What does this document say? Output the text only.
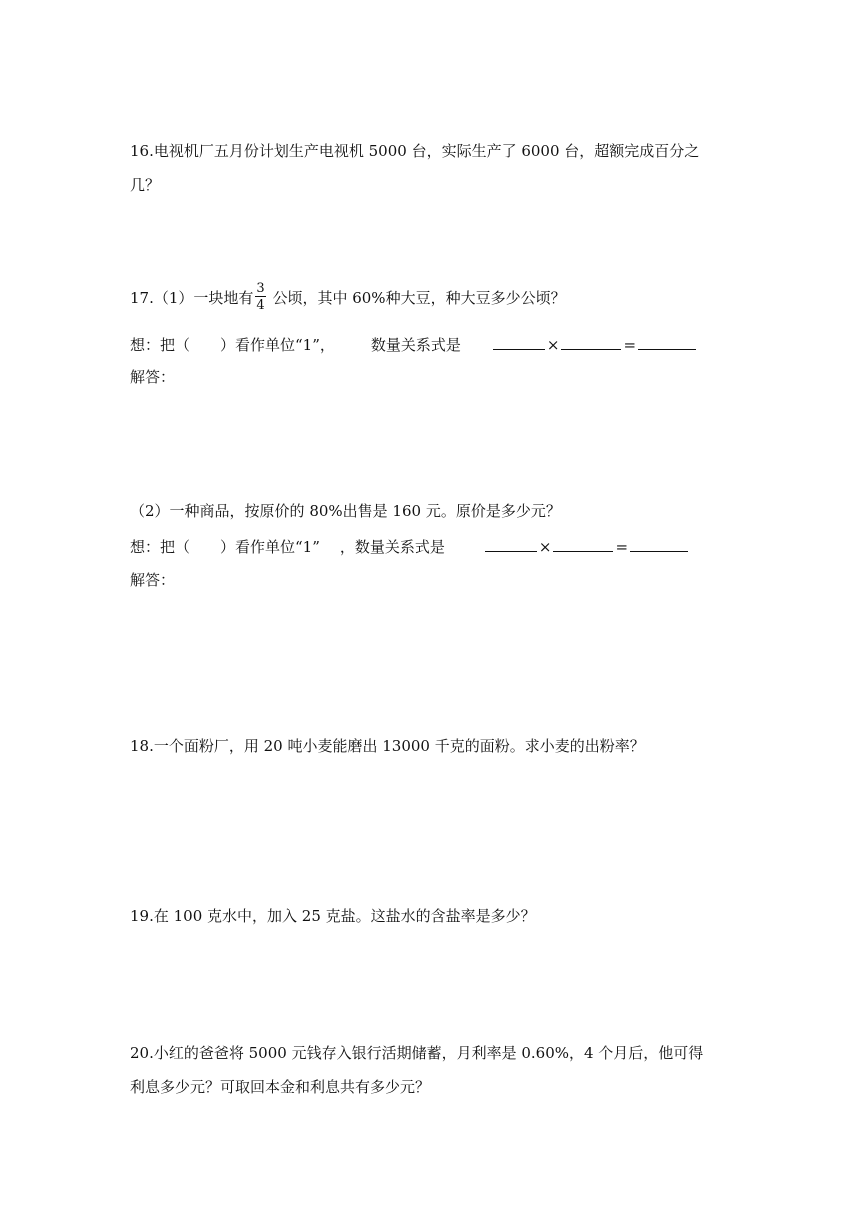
16.电视机厂五月份计划生产电视机 5000 台，实际生产了 6000 台，超额完成百分之
几？
17.（1）一块地有 $\frac{3}{4}$ 公顷，其中 60%种大豆，种大豆多少公顷？
想：把（　　）看作单位“1”， 数量关系式是	×	=
解答：
（2）一种商品，按原价的 80%出售是 160 元。原价是多少元？
想：把（　　）看作单位“1” ，数量关系式是	×	=
解答：
18.一个面粉厂，用 20 吨小麦能磨出 13000 千克的面粉。求小麦的出粉率？
19.在 100 克水中，加入 25 克盐。这盐水的含盐率是多少？
20.小红的爸爸将 5000 元钱存入银行活期储蓄，月利率是 0.60%，4 个月后，他可得
利息多少元？可取回本金和利息共有多少元？
